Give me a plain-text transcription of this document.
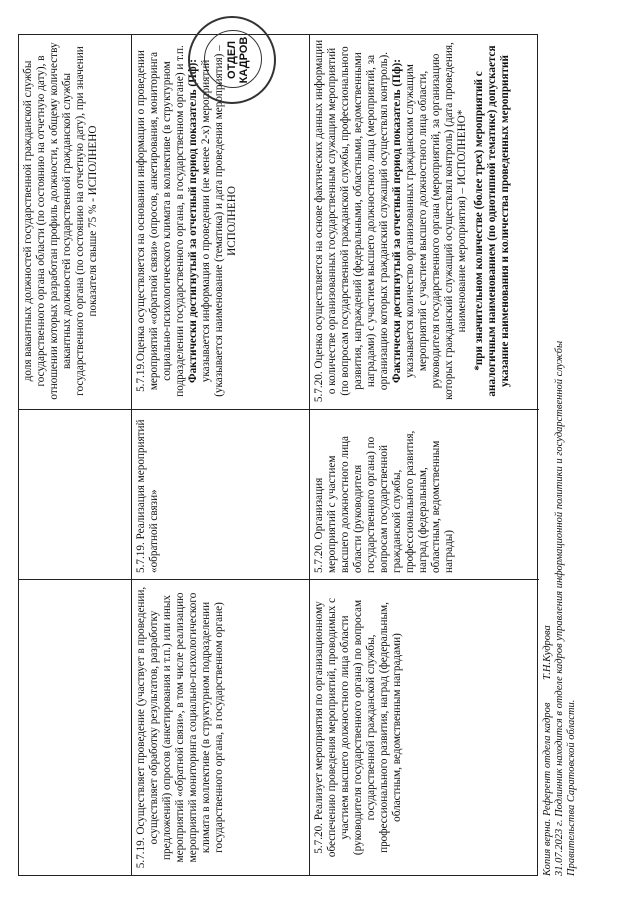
доля вакантных должностей государственной гражданской службы государственного органа области (по состоянию на отчетную дату), в отношении которых разработан профиль должности, к общему количеству вакантных должностей государственной гражданской службы государственного органа (по состоянию на отчетную дату), при значении показателя свыше 75 % - ИСПОЛНЕНО
5.7.19. Осуществляет проведение (участвует в проведении, осуществляет обработку результатов, разработку предложений) опросов (анкетирования и т.п.) или иных мероприятий «обратной связи», в том числе реализацию мероприятий мониторинга социально-психологического климата в коллективе (в структурном подразделении государственного органа, в государственном органе)
5.7.19. Реализация мероприятий «обратной связи»
5.7.19.Оценка осуществляется на основании информации о проведении мероприятий «обратной связи» (опросов, анкетирования, мониторинга социально-психологического климата в коллективе (в структурном подразделении государственного органа, в государственном органе) и т.п. Фактически достигнутый за отчетный период показатель (Пф): указывается информация о проведении (не менее 2-х) мероприятий (указывается наименование (тематика) и дата проведения мероприятия) – ИСПОЛНЕНО
5.7.20. Реализует мероприятия по организационному обеспечению проведения мероприятий, проводимых с участием высшего должностного лица области (руководителя государственного органа) по вопросам государственной гражданской службы, профессионального развития, наград (федеральным, областным, ведомственным наградами)
5.7.20. Организация мероприятий с участием высшего должностного лица области (руководителя государственного органа) по вопросам государственной гражданской службы, профессионального развития, наград (федеральным, областным, ведомственным награды)
5.7.20. Оценка осуществляется на основе фактических данных информации о количестве организованных государственным служащим мероприятий (по вопросам государственной гражданской службы, профессионального развития, награждений (федеральными, областными, ведомственными наградами) с участием высшего должностного лица (мероприятий, за организацию которых гражданский служащий осуществлял контроль). Фактически достигнутый за отчетный период показатель (Пф): указывается количество организованных гражданским служащим мероприятий с участием высшего должностного лица области, руководителя государственного органа (мероприятий, за организацию которых гражданский служащий осуществлял контроль) (дата проведения, наименование мероприятия) – ИСПОЛНЕНО* *при значительном количестве (более трех) мероприятий с аналогичным наименованием (по однотипной тематике) допускается указание наименования и количества проведенных мероприятий
ОТДЕЛ КАДРОВ
Копия верна. Референт отдела кадров Т.Н.Кудрова 31.07.2023 г. Подлинник находится в отделе кадров управления информационной политики и государственной службы Правительства Саратовской области.
